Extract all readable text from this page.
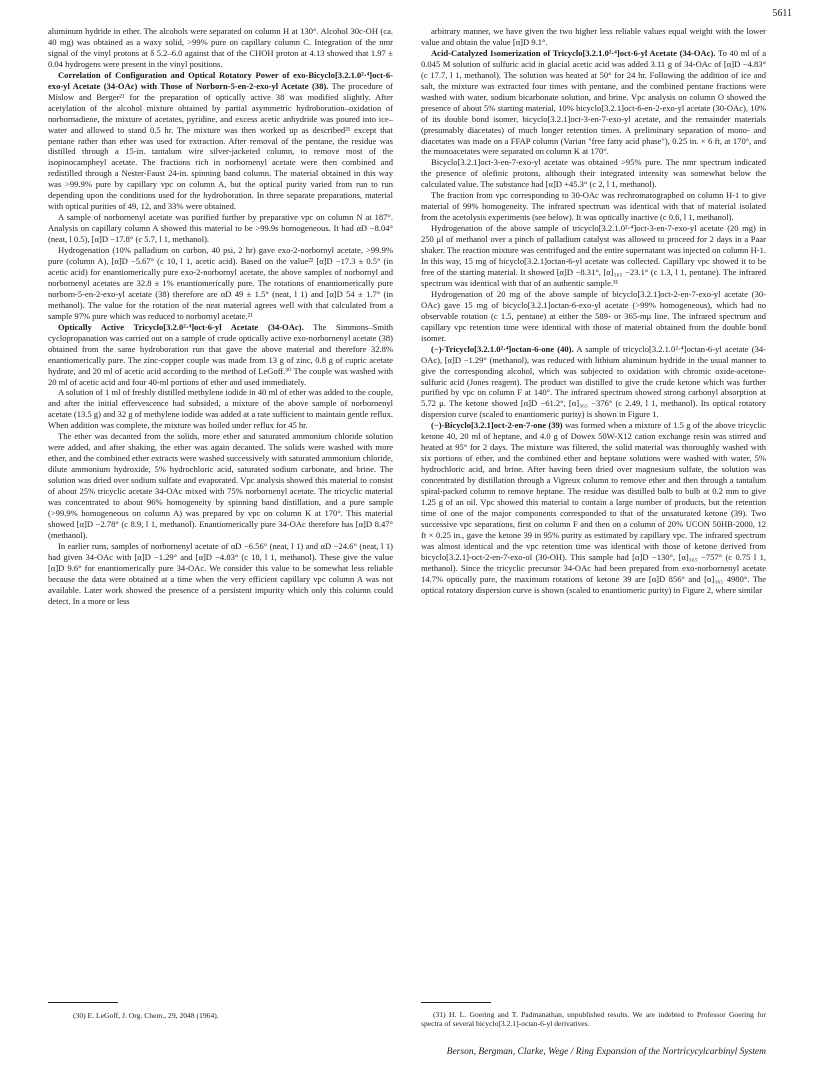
5611

aluminum hydride in ether. The alcohols were separated on column H at 130°. Alcohol 30c-OH (ca. 40 mg) was obtained as a waxy solid, >99% pure on capillary column C. Integration of the nmr signal of the vinyl protons at δ 5.2–6.0 against that of the CHOH proton at 4.13 showed that 1.97 ± 0.04 hydrogens were present in the vinyl positions.

Correlation of Configuration and Optical Rotatory Power of exo-Bicyclo[3.2.1.0²·⁴]oct-6-exo-yl Acetate (34-OAc) with Those of Norborn-5-en-2-exo-yl Acetate (38). The procedure of Mislow and Berger²¹ for the preparation of optically active 38 was modified slightly. After acetylation of the alcohol mixture obtained by partial asymmetric hydroboration–oxidation of norbornadiene, the mixture of acetates, pyridine, and excess acetic anhydride was poured into ice–water and allowed to stand 0.5 hr. The mixture was then worked up as described²¹ except that pentane rather than ether was used for extraction. After removal of the pentane, the residue was distilled through a 15-in. tantalum wire silver-jacketed column, to remove most of the isopinocampheyl acetate. The fractions rich in norbornenyl acetate were then combined and redistilled through a Nester-Faust 24-in. spinning band column. The material obtained in this way was >99.9% pure by capillary vpc on column A, but the optical purity varied from run to run depending upon the conditions used for the hydroboration. In three separate preparations, material with optical purities of 49, 12, and 33% were obtained.

A sample of norbornenyl acetate was purified further by preparative vpc on column N at 187°. Analysis on capillary column A showed this material to be >99.9s homogeneous. It had αD −8.04° (neat, l 0.5), [α]D −17.8° (c 5.7, l 1, methanol).

Hydrogenation (10% palladium on carbon, 40 psi, 2 hr) gave exo-2-norbornyl acetate, >99.9% pure (column A), [α]D −5.67° (c 10, l 1, acetic acid). Based on the value²² [α]D −17.3 ± 0.5° (in acetic acid) for enantiomerically pure exo-2-norbornyl acetate, the above samples of norbornyl and norbornenyl acetates are 32.8 ± 1% enantiomerically pure. The rotations of enantiomerically pure norborn-5-en-2-exo-yl acetate (38) therefore are αD 49 ± 1.5° (neat, l 1) and [α]D 54 ± 1.7° (in methanol). The value for the rotation of the neat material agrees well with that calculated from a sample 97% pure which was reduced to norbornyl acetate.²¹

Optically Active Tricyclo[3.2.0²·⁴]oct-6-yl Acetate (34-OAc). The Simmons–Smith cyclopropanation was carried out on a sample of crude optically active exo-norbornenyl acetate (38) obtained from the same hydroboration run that gave the above material and therefore 32.8% enantiomerically pure. The zinc-copper couple was made from 13 g of zinc, 0.8 g of cupric acetate hydrate, and 20 ml of acetic acid according to the method of LeGoff.³⁰ The couple was washed with 20 ml of acetic acid and four 40-ml portions of ether and used immediately.

A solution of 1 ml of freshly distilled methylene iodide in 40 ml of ether was added to the couple, and after the initial effervescence had subsided, a mixture of the above sample of norbornenyl acetate (13.5 g) and 32 g of methylene iodide was added at a rate sufficient to maintain gentle reflux. When addition was complete, the mixture was boiled under reflux for 45 hr.

The ether was decanted from the solids, more ether and saturated ammonium chloride solution were added, and after shaking, the ether was again decanted. The solids were washed with more ether, and the combined ether extracts were washed successively with saturated ammonium chloride, dilute ammonium hydroxide, 5% hydrochloric acid, saturated sodium carbonate, and brine. The solution was dried over sodium sulfate and evaporated. Vpc analysis showed this material to consist of about 25% tricyclic acetate 34-OAc mixed with 75% norbornenyl acetate. The tricyclic material was concentrated to about 96% homogeneity by spinning band distillation, and a pure sample (>99.9% homogeneous on column A) was prepared by vpc on column K at 170°. This material showed [α]D −2.78° (c 8.9, l 1, methanol). Enantiomerically pure 34-OAc therefore has [α]D 8.47° (methanol).

In earlier runs, samples of norbornenyl acetate of αD −6.56° (neat, l 1) and αD −24.6° (neat, l 1) had given 34-OAc with [α]D −1.29° and [α]D −4.83° (c 18, l 1, methanol). These give the value [α]D 9.6° for enantiomerically pure 34-OAc. We consider this value to be somewhat less reliable because the data were obtained at a time when the very efficient capillary vpc column A was not available. Later work showed the presence of a persistent impurity which only this column could detect. In a more or less

arbitrary manner, we have given the two higher less reliable values equal weight with the lower value and obtain the value [α]D 9.1°.

Acid-Catalyzed Isomerization of Tricyclo[3.2.1.0²·⁴]oct-6-yl Acetate (34-OAc). To 40 ml of a 0.045 M solution of sulfuric acid in glacial acetic acid was added 3.11 g of 34-OAc of [α]D −4.83° (c 17.7, l 1, methanol). The solution was heated at 50° for 24 hr. Following the addition of ice and salt, the mixture was extracted four times with pentane, and the combined pentane fractions were washed with water, sodium bicarbonate solution, and brine. Vpc analysis on column O showed the presence of about 5% starting material, 10% bicyclo[3.2.1]oct-6-en-2-exo-yl acetate (30-OAc), 10% of its double bond isomer, bicyclo[3.2.1]oct-3-en-7-exo-yl acetate, and the remainder materials (presumably diacetates) of much longer retention times. A preliminary separation of mono- and diacetates was made on a FFAP column (Varian "free fatty acid phase"), 0.25 in. × 6 ft, at 170°, and the monoacetates were separated on column K at 170°.

Bicyclo[3.2.1]oct-3-en-7-exo-yl acetate was obtained >95% pure. The nmr spectrum indicated the presence of olefinic protons, although their integrated intensity was somewhat below the calculated value. The substance had [α]D +45.3° (c 2, l 1, methanol).

The fraction from vpc corresponding to 30-OAc was rechromatographed on column H-1 to give material of 99% homogeneity. The infrared spectrum was identical with that of material isolated from the acetolysis experiments (see below). It was optically inactive (c 0.6, l 1, methanol).

Hydrogenation of the above sample of tricyclo[3.2.1.0²·⁴]oct-3-en-7-exo-yl acetate (20 mg) in 250 μl of methanol over a pinch of palladium catalyst was allowed to proceed for 2 days in a Paar shaker. The reaction mixture was centrifuged and the entire supernatant was injected on column H-1. In this way, 15 mg of bicyclo[3.2.1]octan-6-yl acetate was collected. Capillary vpc showed it to be free of the starting material. It showed [α]D −8.31°, [α]₃₆₅ −23.1° (c 1.3, l 1, pentane). The infrared spectrum was identical with that of an authentic sample.³¹

Hydrogenation of 20 mg of the above sample of bicyclo[3.2.1]oct-2-en-7-exo-yl acetate (30-OAc) gave 15 mg of bicyclo[3.2.1]octan-6-exo-yl acetate (>99% homogeneous), which had no observable rotation (c 1.5, pentane) at either the 589- or 365-mμ line. The infrared spectrum and capillary vpc retention time were identical with those of material obtained from the double bond isomer.

(−)-Tricyclo[3.2.1.0²·⁴]octan-6-one (40). A sample of tricyclo[3.2.1.0²·⁴]octan-6-yl acetate (34-OAc), [α]D −1.29° (methanol), was reduced with lithium aluminum hydride in the usual manner to give the corresponding alcohol, which was subjected to oxidation with chromic oxide-acetone-sulfuric acid (Jones reagent). The product was distilled to give the crude ketone which was further purified by vpc on column F at 140°. The infrared spectrum showed strong carbonyl absorption at 5.72 μ. The ketone showed [α]D −61.2°, [α]₃₆₅ −376° (c 2.49, l 1, methanol). Its optical rotatory dispersion curve (scaled to enantiomeric purity) is shown in Figure 1.

(−)-Bicyclo[3.2.1]oct-2-en-7-one (39) was formed when a mixture of 1.5 g of the above tricyclic ketone 40, 20 ml of heptane, and 4.0 g of Dowex 50W-X12 cation exchange resin was stirred and heated at 95° for 2 days. The mixture was filtered, the solid material was thoroughly washed with six portions of ether, and the combined ether and heptane solutions were washed with water, 5% hydrochloric acid, and brine. After having been dried over magnesium sulfate, the solution was concentrated by distillation through a Vigreux column to remove ether and then through a tantalum spiral-packed column to remove heptane. The residue was distilled bulb to bulb at 0.2 mm to give 1.25 g of an oil. Vpc showed this material to contain a large number of products, but the retention time of one of the major components corresponded to that of the unsaturated ketone (39). Two successive vpc separations, first on column F and then on a column of 20% UCON 50HB-2000, 12 ft × 0.25 in., gave the ketone 39 in 95% purity as estimated by capillary vpc. The infrared spectrum was almost identical and the vpc retention time was identical with those of ketone derived from bicyclo[3.2.1]-oct-2-en-7-exo-ol (30-OH). This sample had [α]D −130°, [α]₃₆₅ −757° (c 0.75 l 1, methanol). Since the tricyclic precursor 34-OAc had been prepared from exo-norbornenyl acetate 14.7% optically pure, the maximum rotations of ketone 39 are [α]D 856° and [α]₃₆₅ 4980°. The optical rotatory dispersion curve is shown (scaled to enantiomeric purity) in Figure 2, where similar

(30) E. LeGoff, J. Org. Chem., 29, 2048 (1964).	(31) H. L. Goering and T. Padmanathan, unpublished results. We are indebted to Professor Goering for spectra of several bicyclo[3.2.1]-octan-6-yl derivatives.
Berson, Bergman, Clarke, Wege / Ring Expansion of the Nortricycylcarbinyl System
